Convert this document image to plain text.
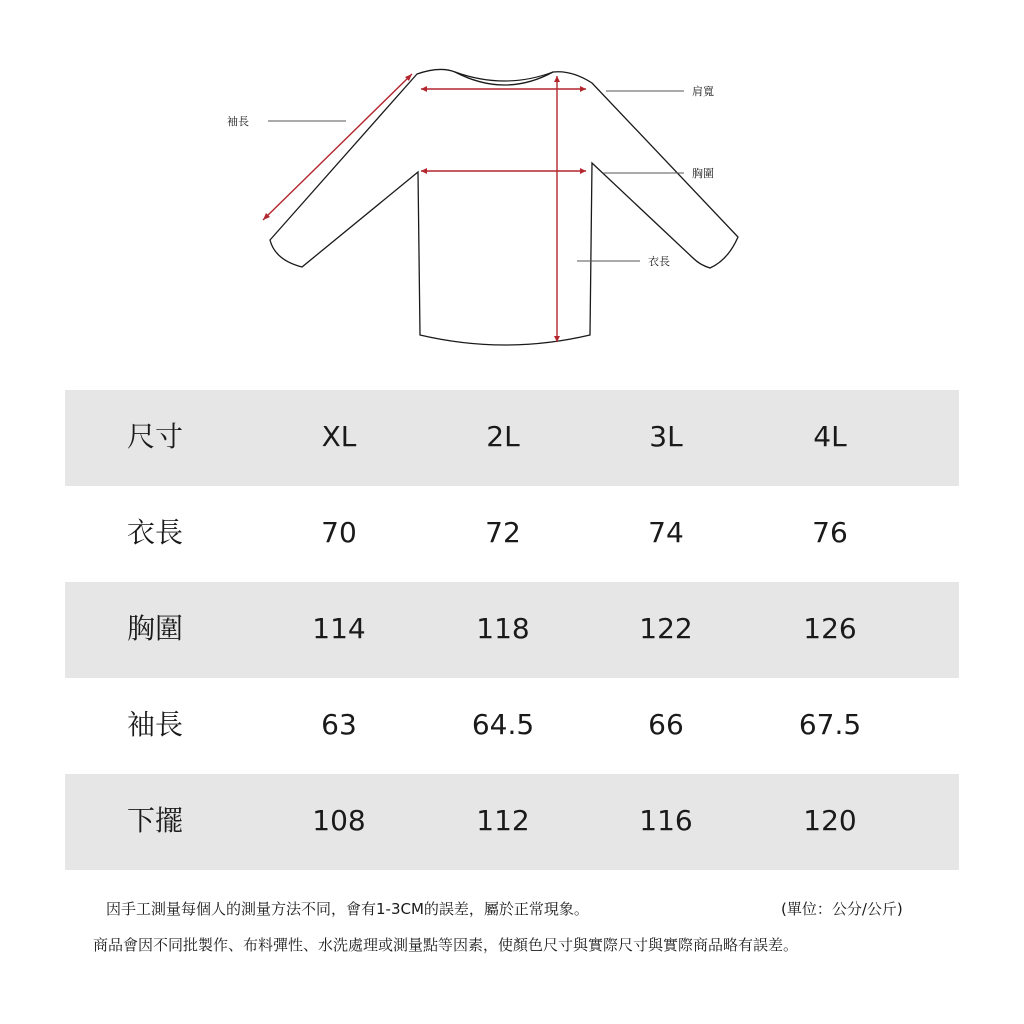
袖長
肩寬
胸圍
衣長
尺寸	XL	2L	3L	4L
衣長	70	72	74	76
胸圍	114	118	122	126
袖長	63	64.5	66	67.5
下擺	108	112	116	120
因手工測量每個人的測量方法不同，會有1-3CM的誤差，屬於正常現象。	(單位：公分/公斤)
商品會因不同批製作、布料彈性、水洗處理或測量點等因素，使顏色尺寸與實際尺寸與實際商品略有誤差。
